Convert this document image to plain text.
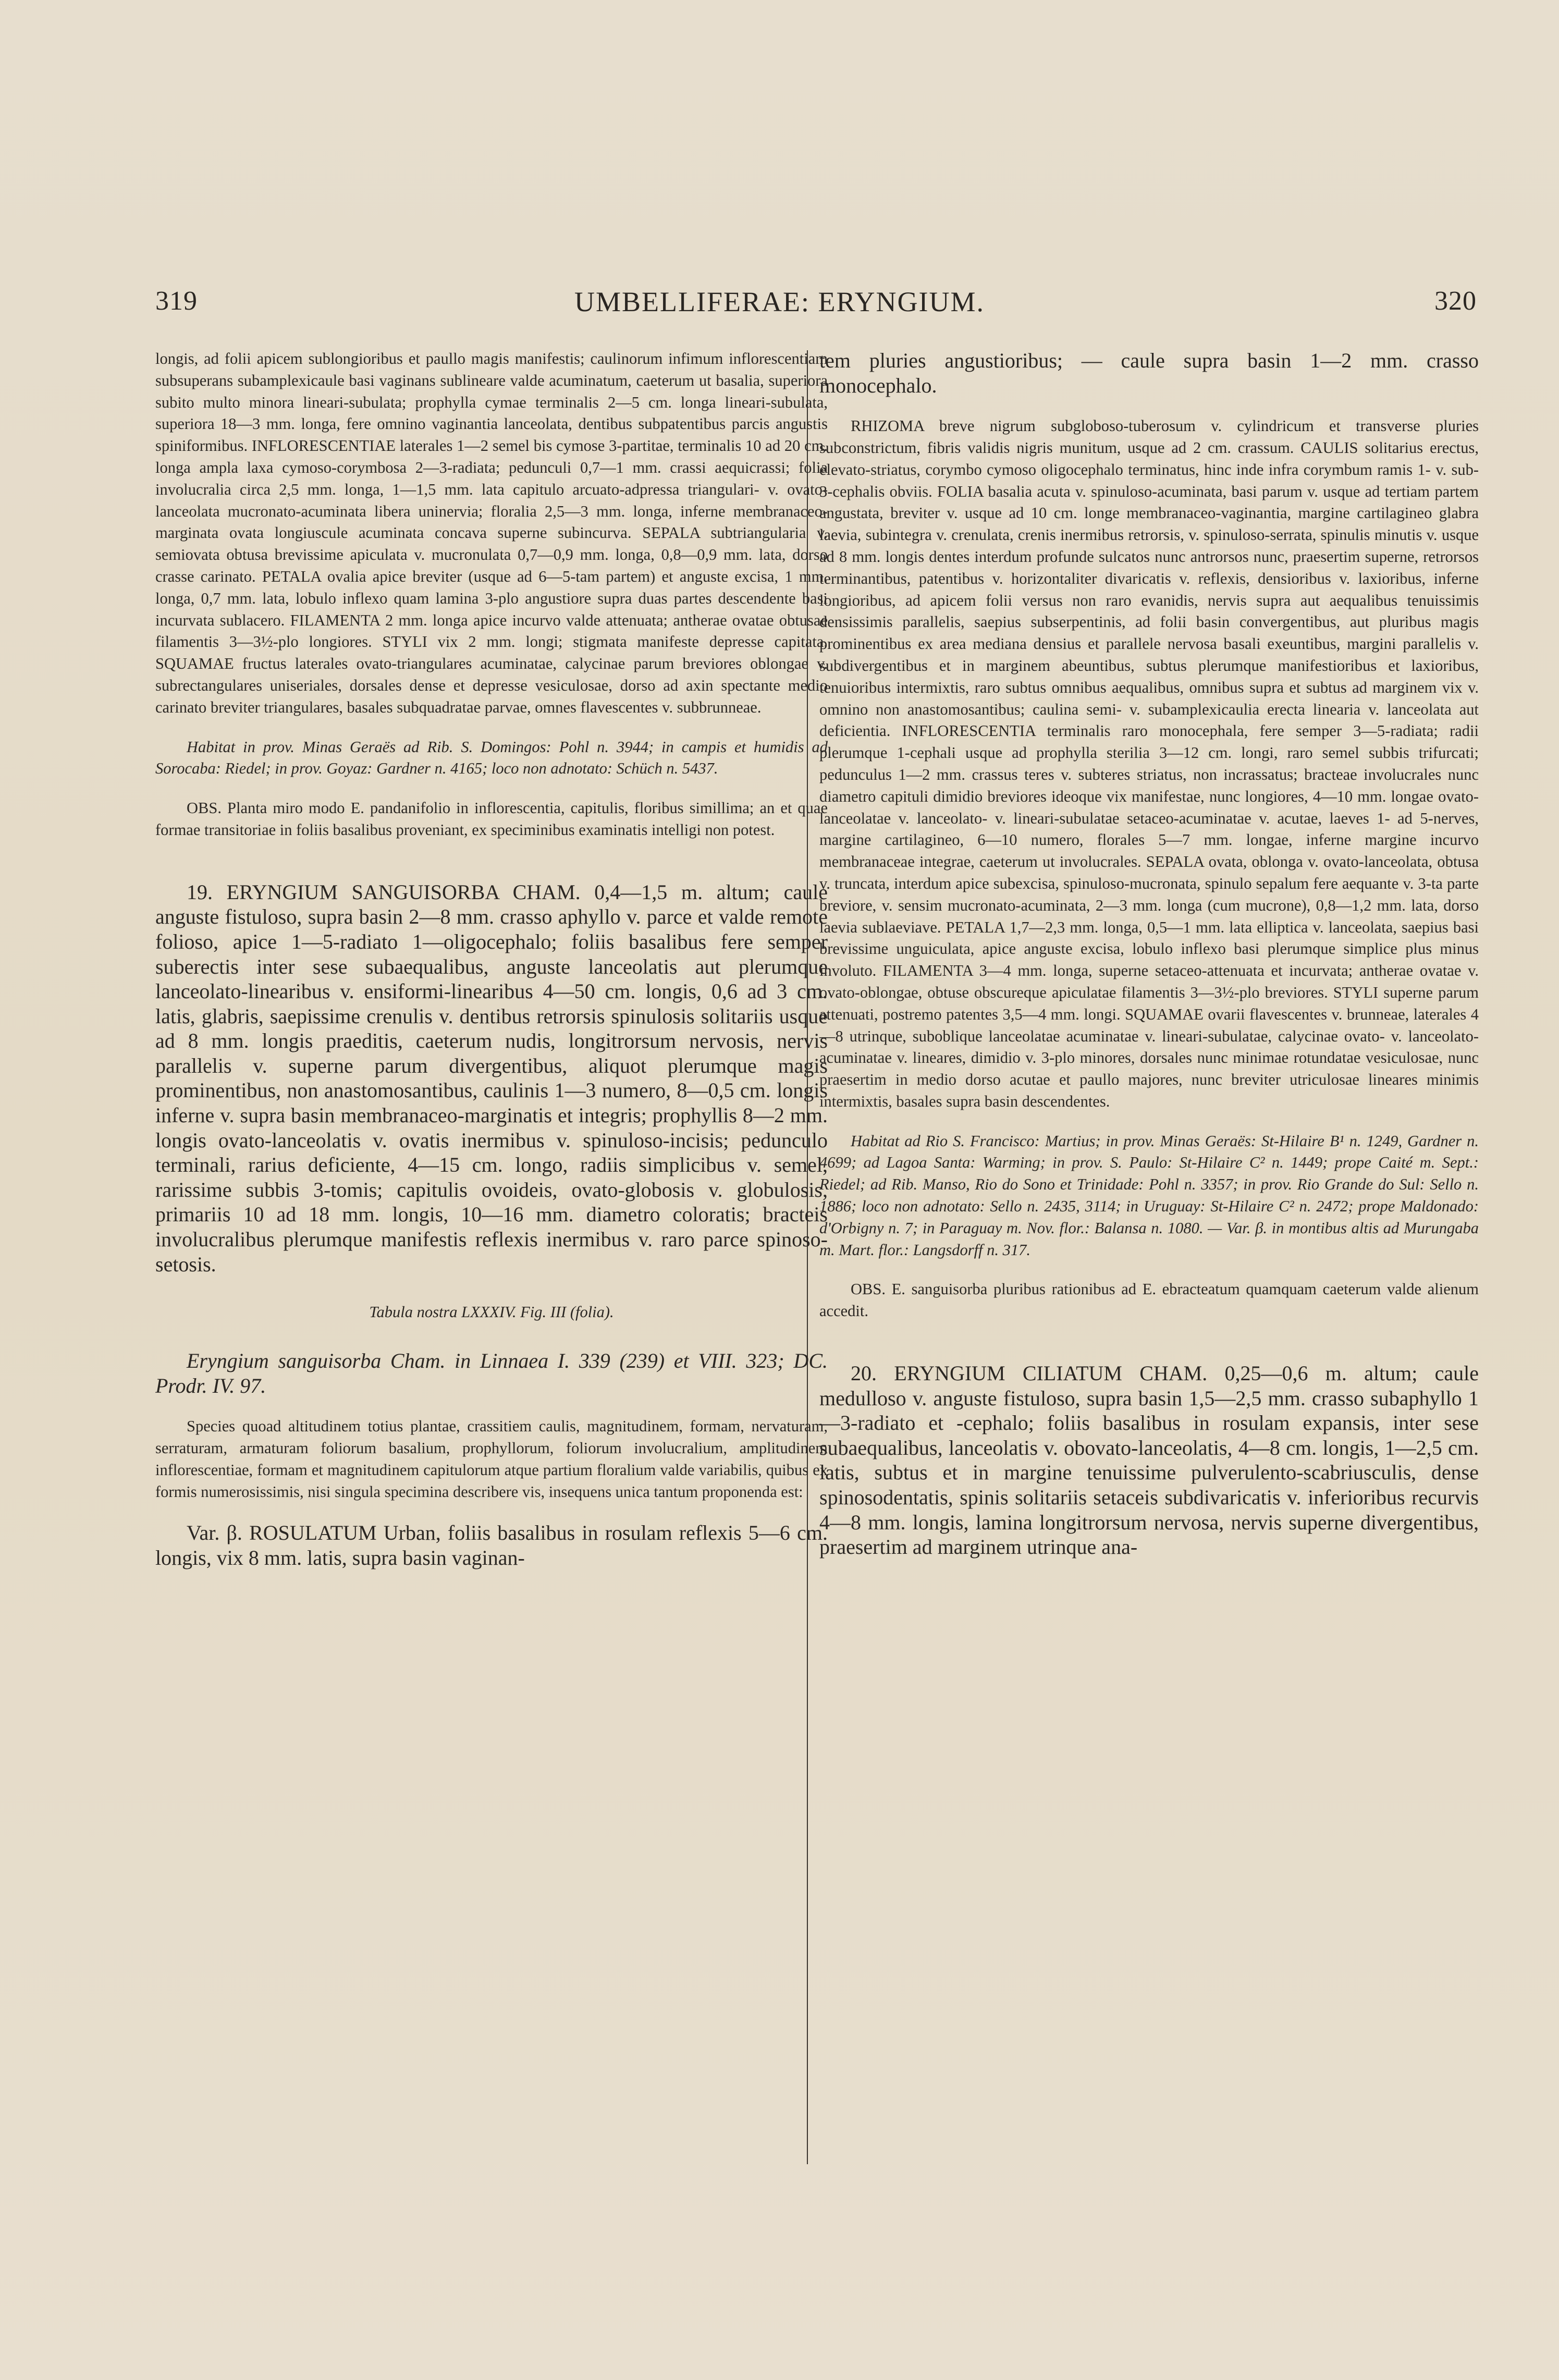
319	UMBELLIFERAE: ERYNGIUM.	320

longis, ad folii apicem sublongioribus et paullo magis manifestis; caulinorum infimum inflorescentiam subsuperans subamplexicaule basi vaginans sublineare valde acuminatum, caeterum ut basalia, superiora subito multo minora lineari-subulata; prophylla cymae terminalis 2—5 cm. longa lineari-subulata, superiora 18—3 mm. longa, fere omnino vaginantia lanceolata, dentibus subpatentibus parcis angustis spiniformibus. INFLORESCENTIAE laterales 1—2 semel bis cymose 3-partitae, terminalis 10 ad 20 cm. longa ampla laxa cymoso-corymbosa 2—3-radiata; pedunculi 0,7—1 mm. crassi aequicrassi; folia involucralia circa 2,5 mm. longa, 1—1,5 mm. lata capitulo arcuato-adpressa triangulari- v. ovato-lanceolata mucronato-acuminata libera uninervia; floralia 2,5—3 mm. longa, inferne membranaceo-marginata ovata longiuscule acuminata concava superne subincurva. SEPALA subtriangularia v. semiovata obtusa brevissime apiculata v. mucronulata 0,7—0,9 mm. longa, 0,8—0,9 mm. lata, dorso crasse carinato. PETALA ovalia apice breviter (usque ad 6—5-tam partem) et anguste excisa, 1 mm. longa, 0,7 mm. lata, lobulo inflexo quam lamina 3-plo angustiore supra duas partes descendente basi incurvata sublacero. FILAMENTA 2 mm. longa apice incurvo valde attenuata; antherae ovatae obtusae filamentis 3—3½-plo longiores. STYLI vix 2 mm. longi; stigmata manifeste depresse capitata. SQUAMAE fructus laterales ovato-triangulares acuminatae, calycinae parum breviores oblongae v. subrectangulares uniseriales, dorsales dense et depresse vesiculosae, dorso ad axin spectante medio carinato breviter triangulares, basales subquadratae parvae, omnes flavescentes v. subbrunneae.

Habitat in prov. Minas Geraës ad Rib. S. Domingos: Pohl n. 3944; in campis et humidis ad Sorocaba: Riedel; in prov. Goyaz: Gardner n. 4165; loco non adnotato: Schüch n. 5437.

OBS. Planta miro modo E. pandanifolio in inflorescentia, capitulis, floribus simillima; an et quae formae transitoriae in foliis basalibus proveniant, ex speciminibus examinatis intelligi non potest.

19. ERYNGIUM SANGUISORBA CHAM. 0,4—1,5 m. altum; caule anguste fistuloso, supra basin 2—8 mm. crasso aphyllo v. parce et valde remote folioso, apice 1—5-radiato 1—oligocephalo; foliis basalibus fere semper suberectis inter sese subaequalibus, anguste lanceolatis aut plerumque lanceolato-linearibus v. ensiformi-linearibus 4—50 cm. longis, 0,6 ad 3 cm. latis, glabris, saepissime crenulis v. dentibus retrorsis spinulosis solitariis usque ad 8 mm. longis praeditis, caeterum nudis, longitrorsum nervosis, nervis parallelis v. superne parum divergentibus, aliquot plerumque magis prominentibus, non anastomosantibus, caulinis 1—3 numero, 8—0,5 cm. longis inferne v. supra basin membranaceo-marginatis et integris; prophyllis 8—2 mm. longis ovato-lanceolatis v. ovatis inermibus v. spinuloso-incisis; pedunculo terminali, rarius deficiente, 4—15 cm. longo, radiis simplicibus v. semel, rarissime subbis 3-tomis; capitulis ovoideis, ovato-globosis v. globulosis, primariis 10 ad 18 mm. longis, 10—16 mm. diametro coloratis; bracteis involucralibus plerumque manifestis reflexis inermibus v. raro parce spinoso-setosis.

Tabula nostra LXXXIV. Fig. III (folia).

Eryngium sanguisorba Cham. in Linnaea I. 339 (239) et VIII. 323; DC. Prodr. IV. 97.

Species quoad altitudinem totius plantae, crassitiem caulis, magnitudinem, formam, nervaturam, serraturam, armaturam foliorum basalium, prophyllorum, foliorum involucralium, amplitudinem inflorescentiae, formam et magnitudinem capitulorum atque partium floralium valde variabilis, quibus ex formis numerosissimis, nisi singula specimina describere vis, insequens unica tantum proponenda est:

Var. β. ROSULATUM Urban, foliis basalibus in rosulam reflexis 5—6 cm. longis, vix 8 mm. latis, supra basin vaginan-

tem pluries angustioribus; — caule supra basin 1—2 mm. crasso monocephalo.

RHIZOMA breve nigrum subgloboso-tuberosum v. cylindricum et transverse pluries subconstrictum, fibris validis nigris munitum, usque ad 2 cm. crassum. CAULIS solitarius erectus, elevato-striatus, corymbo cymoso oligocephalo terminatus, hinc inde infra corymbum ramis 1- v. sub-3-cephalis obviis. FOLIA basalia acuta v. spinuloso-acuminata, basi parum v. usque ad tertiam partem angustata, breviter v. usque ad 10 cm. longe membranaceo-vaginantia, margine cartilagineo glabra laevia, subintegra v. crenulata, crenis inermibus retrorsis, v. spinuloso-serrata, spinulis minutis v. usque ad 8 mm. longis dentes interdum profunde sulcatos nunc antrorsos nunc, praesertim superne, retrorsos terminantibus, patentibus v. horizontaliter divaricatis v. reflexis, densioribus v. laxioribus, inferne longioribus, ad apicem folii versus non raro evanidis, nervis supra aut aequalibus tenuissimis densissimis parallelis, saepius subserpentinis, ad folii basin convergentibus, aut pluribus magis prominentibus ex area mediana densius et parallele nervosa basali exeuntibus, margini parallelis v. subdivergentibus et in marginem abeuntibus, subtus plerumque manifestioribus et laxioribus, tenuioribus intermixtis, raro subtus omnibus aequalibus, omnibus supra et subtus ad marginem vix v. omnino non anastomosantibus; caulina semi- v. subamplexicaulia erecta linearia v. lanceolata aut deficientia. INFLORESCENTIA terminalis raro monocephala, fere semper 3—5-radiata; radii plerumque 1-cephali usque ad prophylla sterilia 3—12 cm. longi, raro semel subbis trifurcati; pedunculus 1—2 mm. crassus teres v. subteres striatus, non incrassatus; bracteae involucrales nunc diametro capituli dimidio breviores ideoque vix manifestae, nunc longiores, 4—10 mm. longae ovato-lanceolatae v. lanceolato- v. lineari-subulatae setaceo-acuminatae v. acutae, laeves 1- ad 5-nerves, margine cartilagineo, 6—10 numero, florales 5—7 mm. longae, inferne margine incurvo membranaceae integrae, caeterum ut involucrales. SEPALA ovata, oblonga v. ovato-lanceolata, obtusa v. truncata, interdum apice subexcisa, spinuloso-mucronata, spinulo sepalum fere aequante v. 3-ta parte breviore, v. sensim mucronato-acuminata, 2—3 mm. longa (cum mucrone), 0,8—1,2 mm. lata, dorso laevia sublaeviave. PETALA 1,7—2,3 mm. longa, 0,5—1 mm. lata elliptica v. lanceolata, saepius basi brevissime unguiculata, apice anguste excisa, lobulo inflexo basi plerumque simplice plus minus involuto. FILAMENTA 3—4 mm. longa, superne setaceo-attenuata et incurvata; antherae ovatae v. ovato-oblongae, obtuse obscureque apiculatae filamentis 3—3½-plo breviores. STYLI superne parum attenuati, postremo patentes 3,5—4 mm. longi. SQUAMAE ovarii flavescentes v. brunneae, laterales 4—8 utrinque, suboblique lanceolatae acuminatae v. lineari-subulatae, calycinae ovato- v. lanceolato-acuminatae v. lineares, dimidio v. 3-plo minores, dorsales nunc minimae rotundatae vesiculosae, nunc praesertim in medio dorso acutae et paullo majores, nunc breviter utriculosae lineares minimis intermixtis, basales supra basin descendentes.

Habitat ad Rio S. Francisco: Martius; in prov. Minas Geraës: St-Hilaire B¹ n. 1249, Gardner n. 4699; ad Lagoa Santa: Warming; in prov. S. Paulo: St-Hilaire C² n. 1449; prope Caité m. Sept.: Riedel; ad Rib. Manso, Rio do Sono et Trinidade: Pohl n. 3357; in prov. Rio Grande do Sul: Sello n. 1886; loco non adnotato: Sello n. 2435, 3114; in Uruguay: St-Hilaire C² n. 2472; prope Maldonado: d'Orbigny n. 7; in Paraguay m. Nov. flor.: Balansa n. 1080. — Var. β. in montibus altis ad Murungaba m. Mart. flor.: Langsdorff n. 317.

OBS. E. sanguisorba pluribus rationibus ad E. ebracteatum quamquam caeterum valde alienum accedit.

20. ERYNGIUM CILIATUM CHAM. 0,25—0,6 m. altum; caule medulloso v. anguste fistuloso, supra basin 1,5—2,5 mm. crasso subaphyllo 1—3-radiato et -cephalo; foliis basalibus in rosulam expansis, inter sese subaequalibus, lanceolatis v. obovato-lanceolatis, 4—8 cm. longis, 1—2,5 cm. latis, subtus et in margine tenuissime pulverulento-scabriusculis, dense spinosodentatis, spinis solitariis setaceis subdivaricatis v. inferioribus recurvis 4—8 mm. longis, lamina longitrorsum nervosa, nervis superne divergentibus, praesertim ad marginem utrinque ana-
